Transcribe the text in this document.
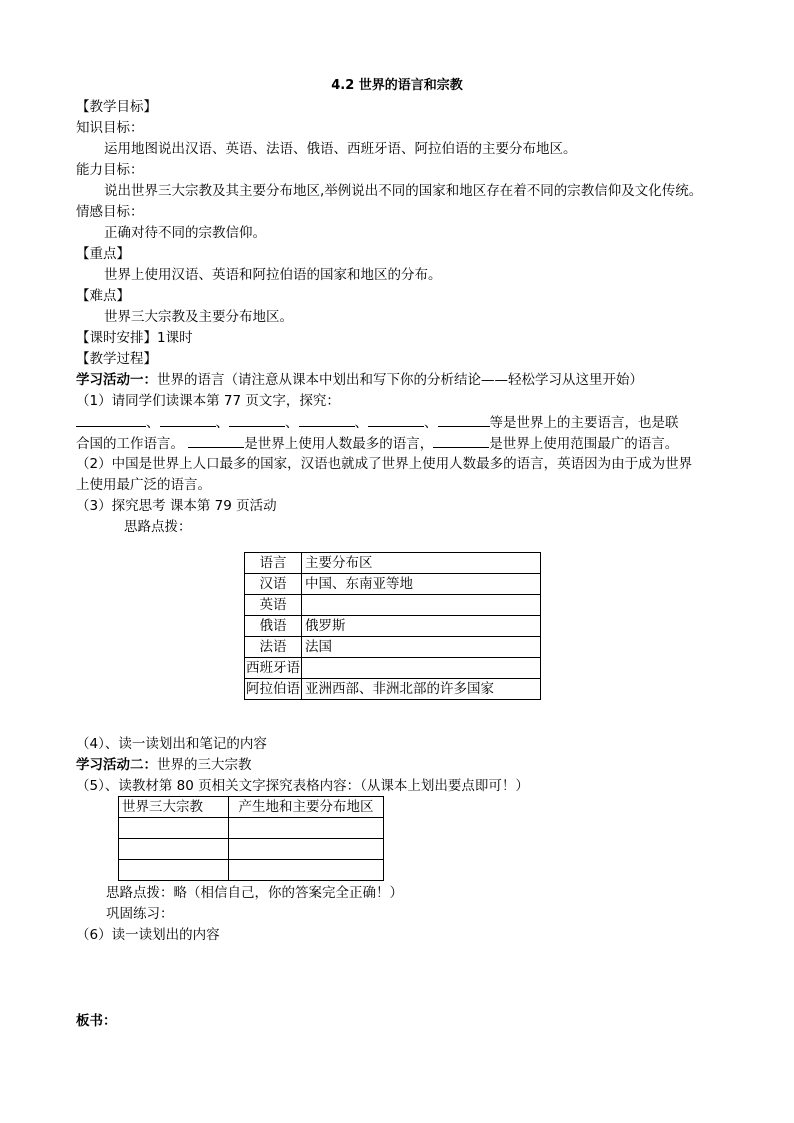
4.2 世界的语言和宗教
【教学目标】
知识目标：
运用地图说出汉语、英语、法语、俄语、西班牙语、阿拉伯语的主要分布地区。
能力目标：
说出世界三大宗教及其主要分布地区,举例说出不同的国家和地区存在着不同的宗教信仰及文化传统。
情感目标：
正确对待不同的宗教信仰。
【重点】
世界上使用汉语、英语和阿拉伯语的国家和地区的分布。
【难点】
世界三大宗教及主要分布地区。
【课时安排】1课时
【教学过程】
学习活动一：世界的语言（请注意从课本中划出和写下你的分析结论——轻松学习从这里开始）
（1）请同学们读课本第 77 页文字，探究：
、	、	、	、	、	等是世界上的主要语言，也是联
合国的工作语言。	是世界上使用人数最多的语言，	是世界上使用范围最广的语言。
（2）中国是世界上人口最多的国家，汉语也就成了世界上使用人数最多的语言，英语因为由于成为世界
上使用最广泛的语言。
（3）探究思考 课本第 79 页活动
思路点拨：
语言	主要分布区
汉语	中国、东南亚等地
英语	
俄语	俄罗斯
法语	法国
西班牙语	
阿拉伯语	亚洲西部、非洲北部的许多国家
（4）、读一读划出和笔记的内容
学习活动二：世界的三大宗教
（5）、读教材第 80 页相关文字探究表格内容：（从课本上划出要点即可！）
世界三大宗教	产生地和主要分布地区

思路点拨：略（相信自己，你的答案完全正确！）
巩固练习：
（6）读一读划出的内容
板书：
